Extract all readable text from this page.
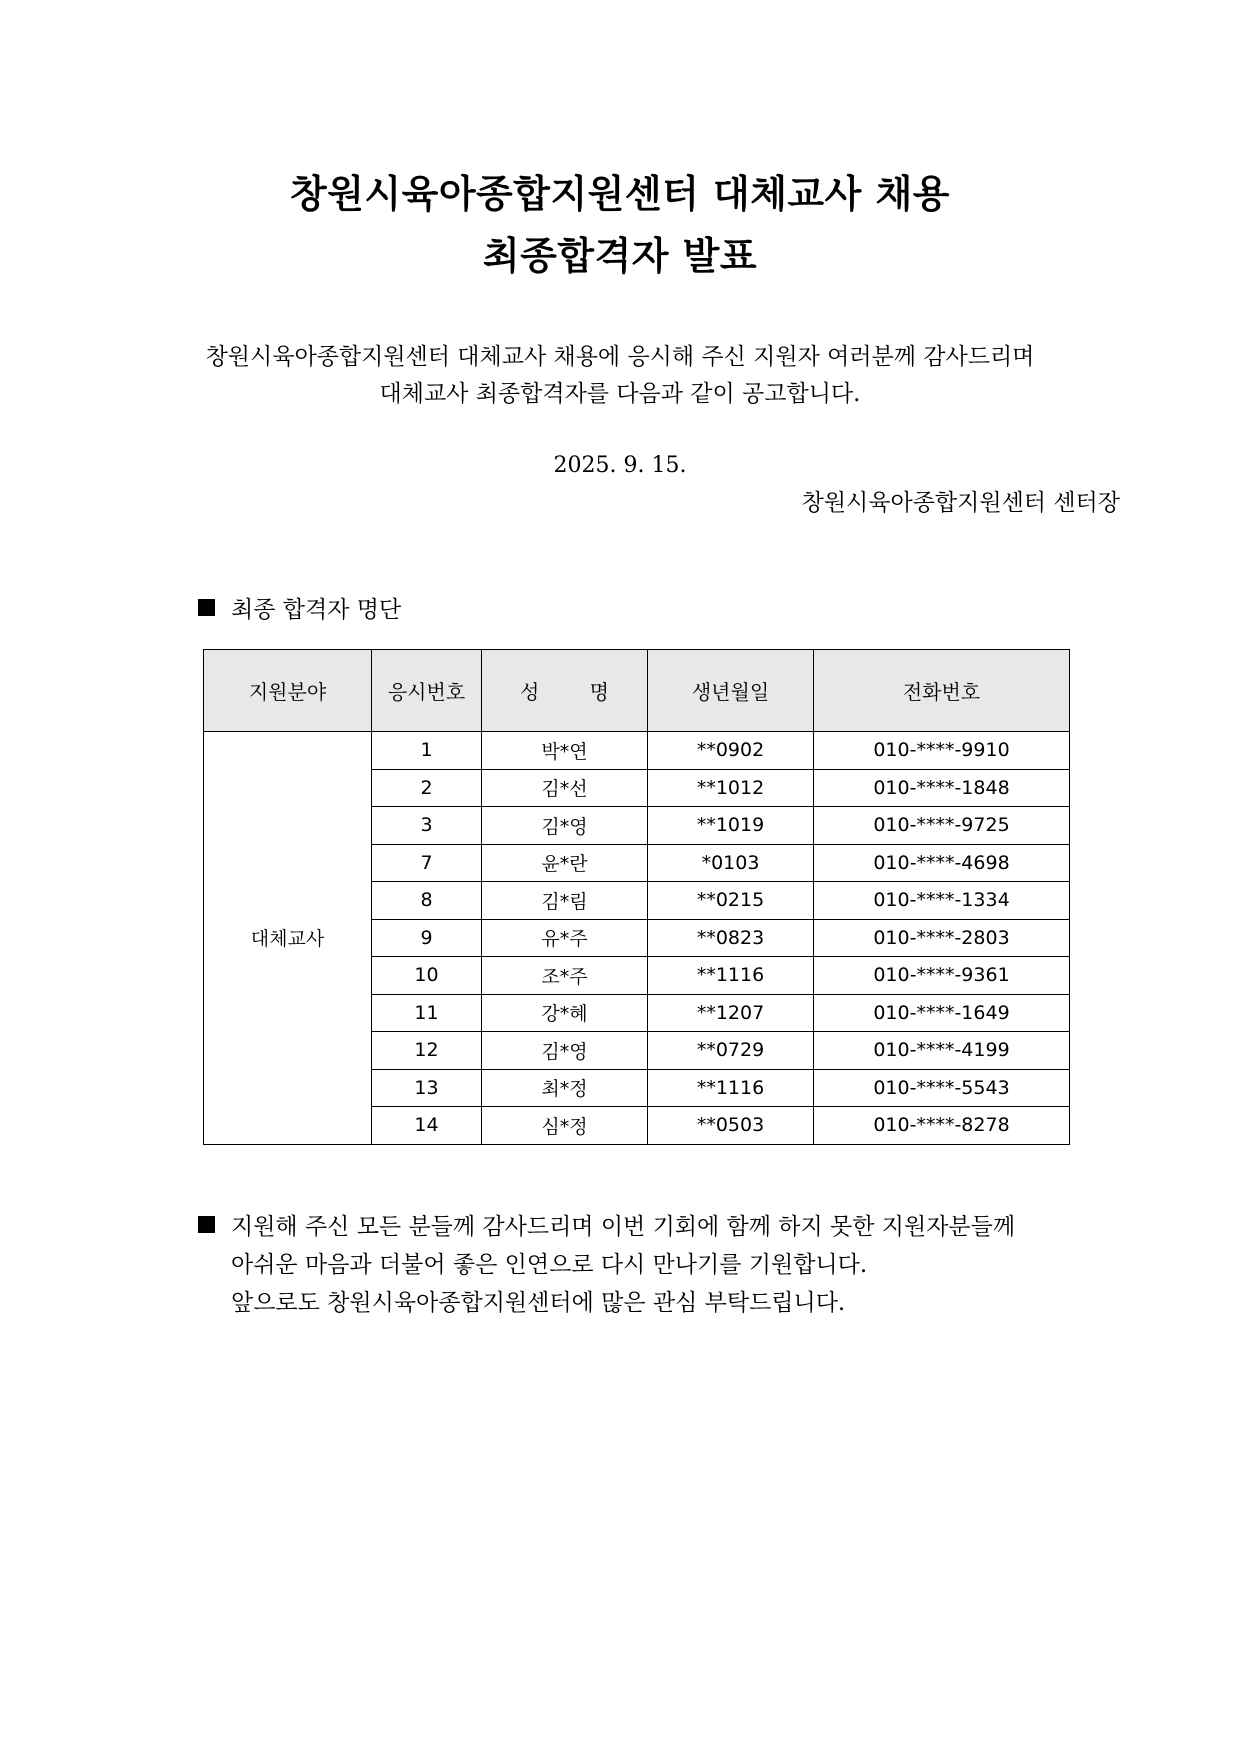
창원시육아종합지원센터 대체교사 채용
최종합격자 발표
창원시육아종합지원센터 대체교사 채용에 응시해 주신 지원자 여러분께 감사드리며
대체교사 최종합격자를 다음과 같이 공고합니다.
2025. 9. 15.
창원시육아종합지원센터 센터장
최종 합격자 명단
지원분야	응시번호	성 명	생년월일	전화번호
대체교사	1	박*연	**0902	010-****-9910
	2	김*선	**1012	010-****-1848
	3	김*영	**1019	010-****-9725
	7	윤*란	*0103	010-****-4698
	8	김*림	**0215	010-****-1334
	9	유*주	**0823	010-****-2803
	10	조*주	**1116	010-****-9361
	11	강*혜	**1207	010-****-1649
	12	김*영	**0729	010-****-4199
	13	최*정	**1116	010-****-5543
	14	심*정	**0503	010-****-8278
지원해 주신 모든 분들께 감사드리며 이번 기회에 함께 하지 못한 지원자분들께
아쉬운 마음과 더불어 좋은 인연으로 다시 만나기를 기원합니다.
앞으로도 창원시육아종합지원센터에 많은 관심 부탁드립니다.
